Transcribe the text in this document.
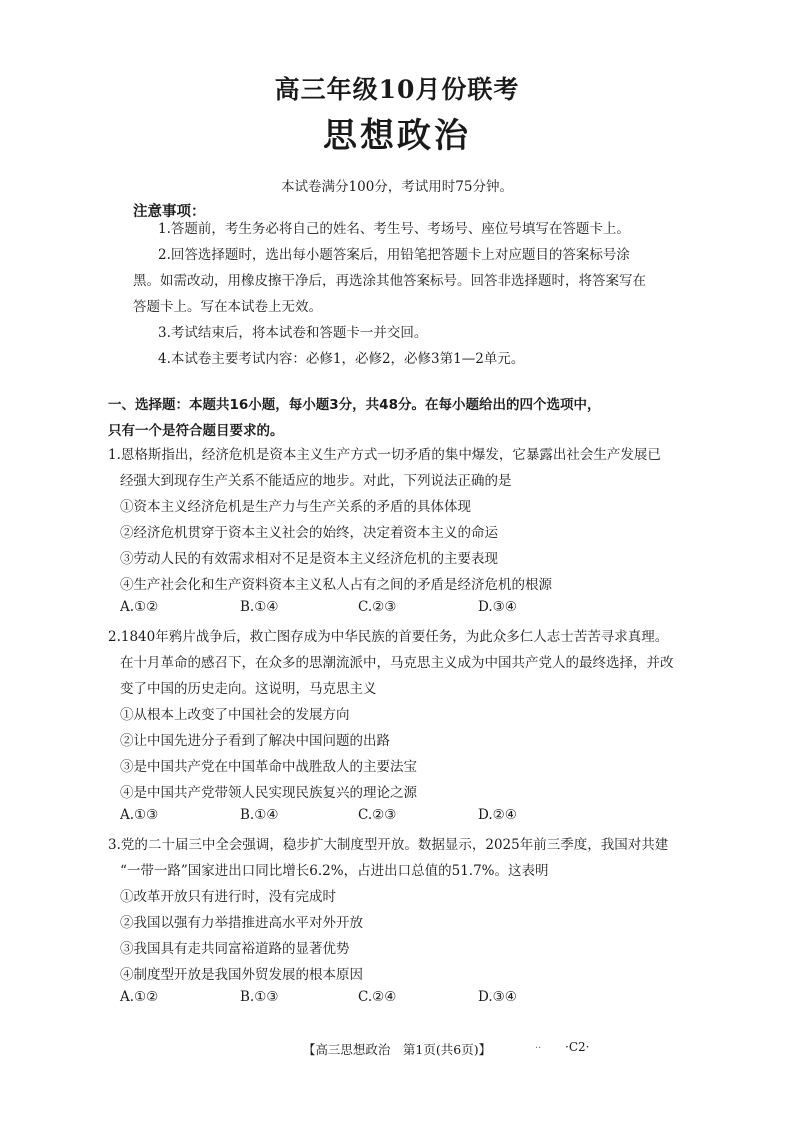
高三年级10月份联考
思想政治
本试卷满分100分，考试用时75分钟。
注意事项：
1.答题前，考生务必将自己的姓名、考生号、考场号、座位号填写在答题卡上。
2.回答选择题时，选出每小题答案后，用铅笔把答题卡上对应题目的答案标号涂
黑。如需改动，用橡皮擦干净后，再选涂其他答案标号。回答非选择题时，将答案写在
答题卡上。写在本试卷上无效。
3.考试结束后，将本试卷和答题卡一并交回。
4.本试卷主要考试内容：必修1，必修2，必修3第1—2单元。
一、选择题：本题共16小题，每小题3分，共48分。在每小题给出的四个选项中，只有一个是符合题目要求的。
1.恩格斯指出，经济危机是资本主义生产方式一切矛盾的集中爆发，它暴露出社会生产发展已
经强大到现存生产关系不能适应的地步。对此，下列说法正确的是
①资本主义经济危机是生产力与生产关系的矛盾的具体体现
②经济危机贯穿于资本主义社会的始终，决定着资本主义的命运
③劳动人民的有效需求相对不足是资本主义经济危机的主要表现
④生产社会化和生产资料资本主义私人占有之间的矛盾是经济危机的根源
A.①②	B.①④	C.②③	D.③④
2.1840年鸦片战争后，救亡图存成为中华民族的首要任务，为此众多仁人志士苦苦寻求真理。
在十月革命的感召下，在众多的思潮流派中，马克思主义成为中国共产党人的最终选择，并改
变了中国的历史走向。这说明，马克思主义
①从根本上改变了中国社会的发展方向
②让中国先进分子看到了解决中国问题的出路
③是中国共产党在中国革命中战胜敌人的主要法宝
④是中国共产党带领人民实现民族复兴的理论之源
A.①③	B.①④	C.②③	D.②④
3.党的二十届三中全会强调，稳步扩大制度型开放。数据显示，2025年前三季度，我国对共建
“一带一路”国家进出口同比增长6.2%，占进出口总值的51.7%。这表明
①改革开放只有进行时，没有完成时
②我国以强有力举措推进高水平对外开放
③我国具有走共同富裕道路的显著优势
④制度型开放是我国外贸发展的根本原因
A.①②	B.①③	C.②④	D.③④
【高三思想政治　第1页(共6页)】	.. ·C2·
